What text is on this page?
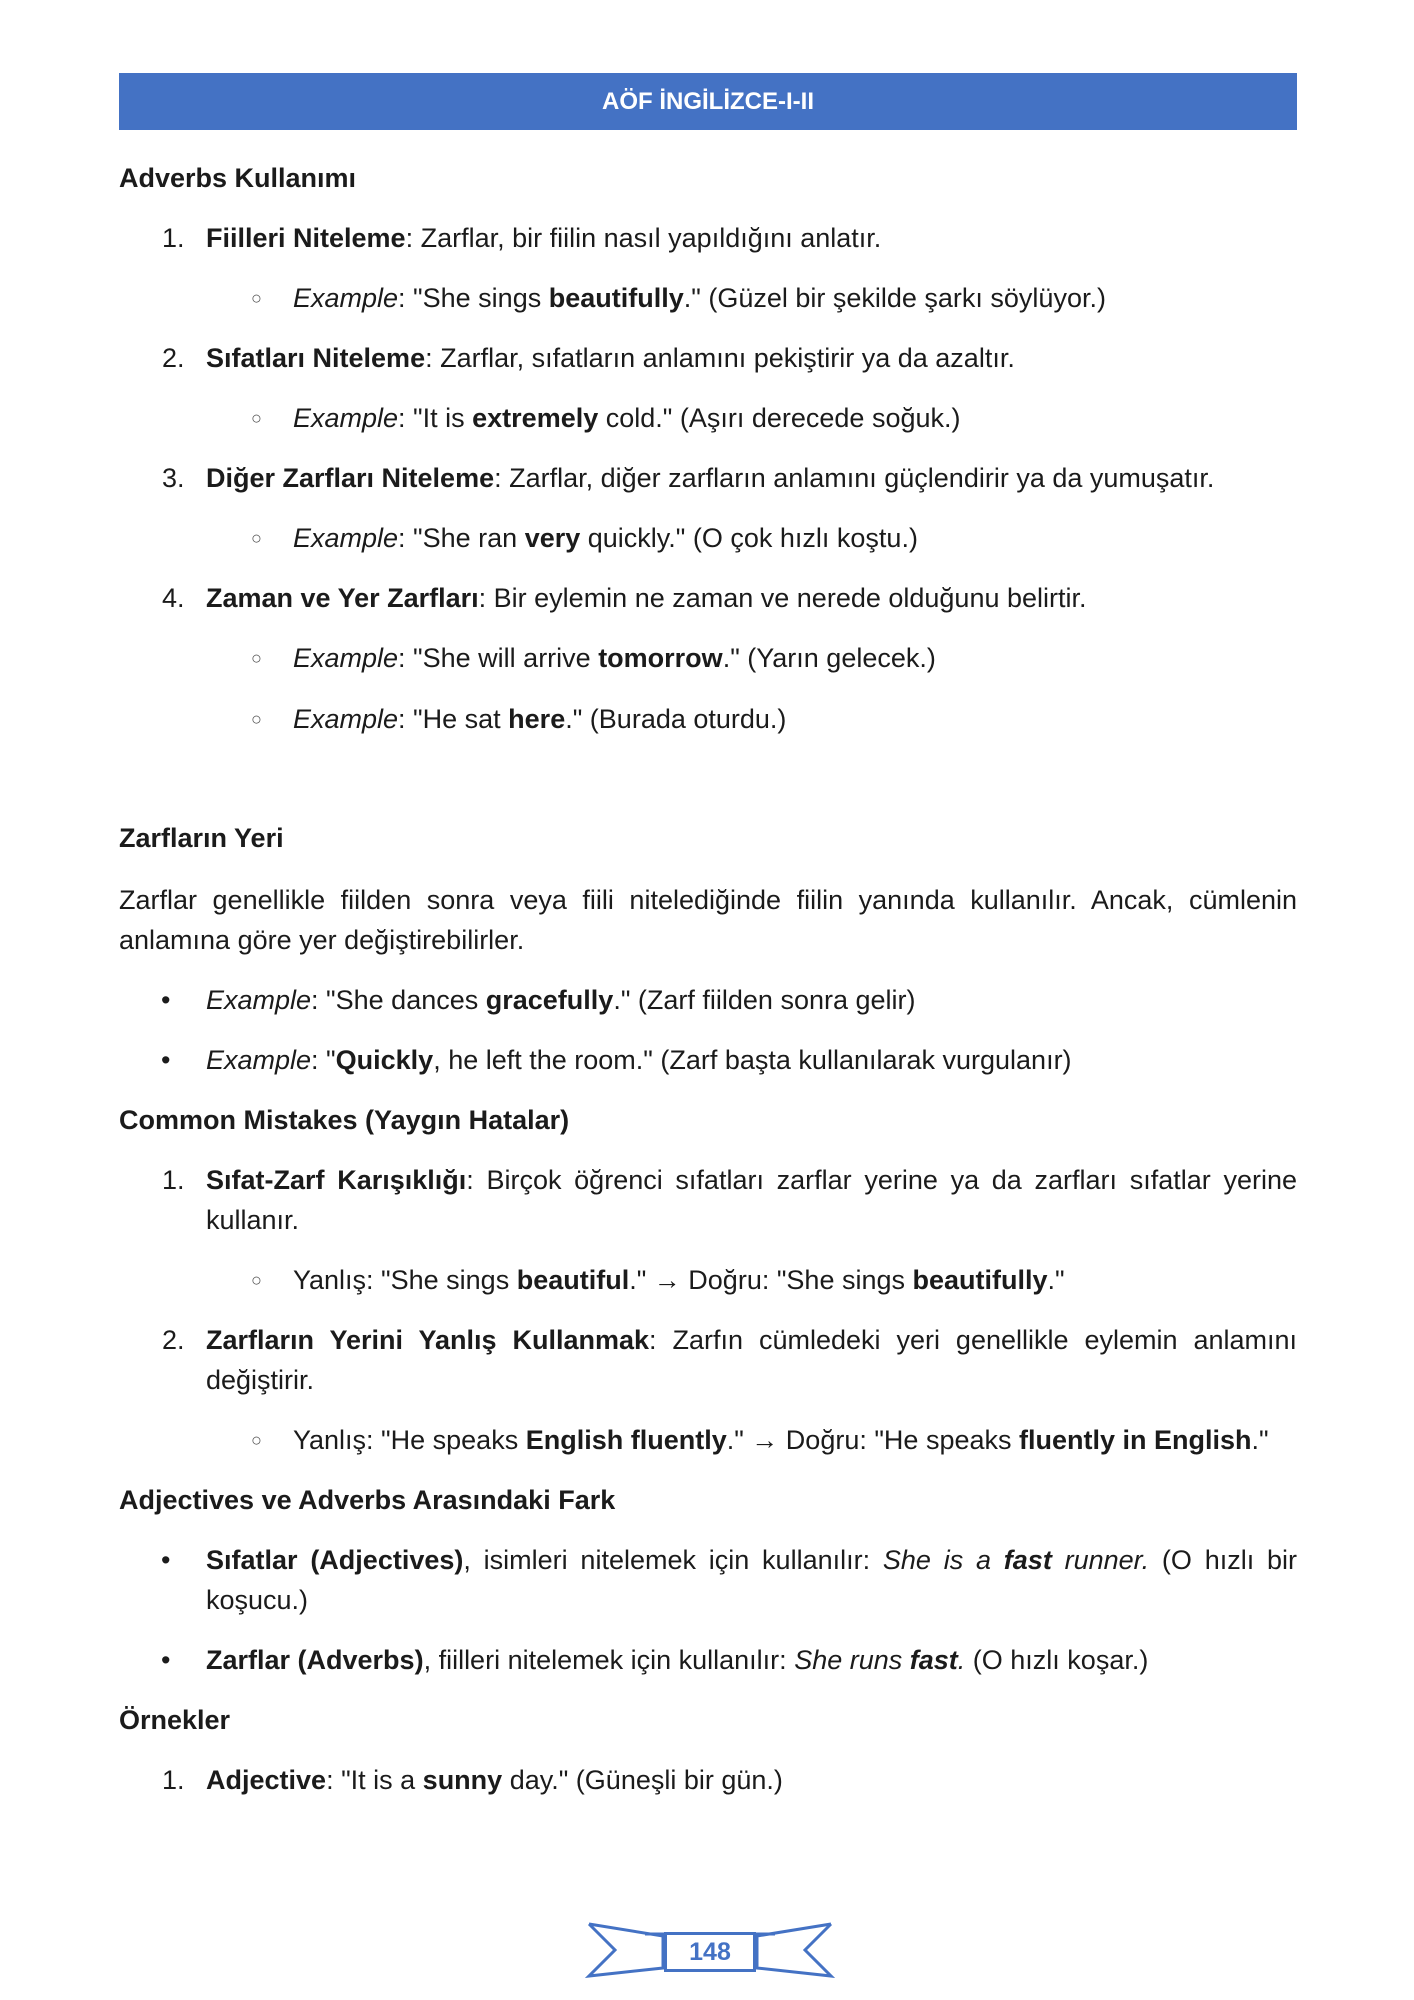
AÖF İNGİLİZCE-I-II
Adverbs Kullanımı
1. Fiilleri Niteleme: Zarflar, bir fiilin nasıl yapıldığını anlatır.
○ Example: "She sings beautifully." (Güzel bir şekilde şarkı söylüyor.)
2. Sıfatları Niteleme: Zarflar, sıfatların anlamını pekiştirir ya da azaltır.
○ Example: "It is extremely cold." (Aşırı derecede soğuk.)
3. Diğer Zarfları Niteleme: Zarflar, diğer zarfların anlamını güçlendirir ya da yumuşatır.
○ Example: "She ran very quickly." (O çok hızlı koştu.)
4. Zaman ve Yer Zarfları: Bir eylemin ne zaman ve nerede olduğunu belirtir.
○ Example: "She will arrive tomorrow." (Yarın gelecek.)
○ Example: "He sat here." (Burada oturdu.)
Zarfların Yeri

Zarflar genellikle fiilden sonra veya fiili nitelediğinde fiilin yanında kullanılır. Ancak, cümlenin anlamına göre yer değiştirebilirler.

• Example: "She dances gracefully." (Zarf fiilden sonra gelir)
• Example: "Quickly, he left the room." (Zarf başta kullanılarak vurgulanır)
Common Mistakes (Yaygın Hatalar)
1. Sıfat-Zarf Karışıklığı: Birçok öğrenci sıfatları zarflar yerine ya da zarfları sıfatlar yerine kullanır.
○ Yanlış: "She sings beautiful." → Doğru: "She sings beautifully."
2. Zarfların Yerini Yanlış Kullanmak: Zarfın cümledeki yeri genellikle eylemin anlamını değiştirir.
○ Yanlış: "He speaks English fluently." → Doğru: "He speaks fluently in English."
Adjectives ve Adverbs Arasındaki Fark
• Sıfatlar (Adjectives), isimleri nitelemek için kullanılır: She is a fast runner. (O hızlı bir koşucu.)
• Zarflar (Adverbs), fiilleri nitelemek için kullanılır: She runs fast. (O hızlı koşar.)
Örnekler
1. Adjective: "It is a sunny day." (Güneşli bir gün.)
148
